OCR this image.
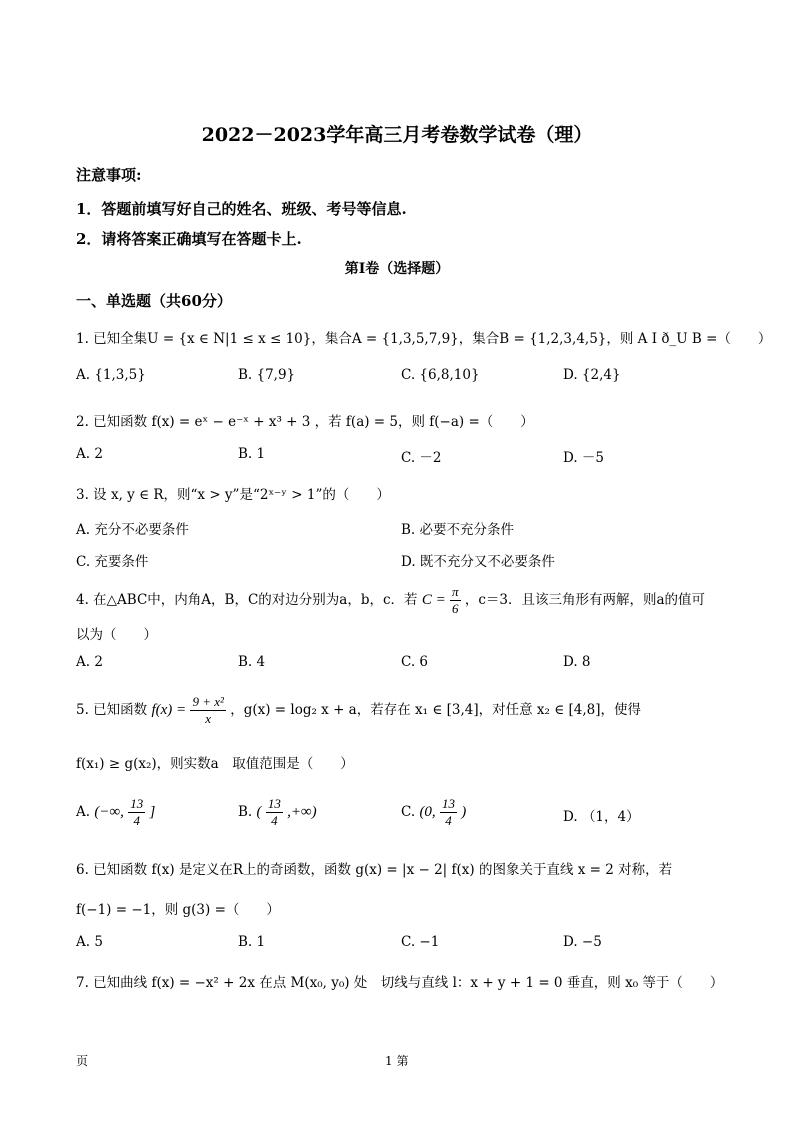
2022－2023学年高三月考卷数学试卷（理）
注意事项:
1．答题前填写好自己的姓名、班级、考号等信息.
2．请将答案正确填写在答题卡上.
第Ⅰ卷（选择题）
一、单选题（共60分）
1. 已知全集U = {x ∈ N|1 ≤ x ≤ 10}，集合A = {1,3,5,7,9}，集合B = {1,2,3,4,5}，则 A I ð_U B =（　　）
A. {1,3,5}	B. {7,9}	C. {6,8,10}	D. {2,4}
2. 已知函数 f(x) = eˣ − e⁻ˣ + x³ + 3 ，若 f(a) = 5，则 f(−a) =（　　）
A. 2	B. 1	C. －2	D. －5
3. 设 x, y ∈ R，则“x > y”是“2ˣ⁻ʸ > 1”的（　　）
A. 充分不必要条件	B. 必要不充分条件
C. 充要条件	D. 既不充分又不必要条件
4. 在△ABC中，内角A，B，C的对边分别为a，b，c．若 $C = \frac{\pi}{6}$ ，c＝3．且该三角形有两解，则a的值可
以为（　　）
A. 2	B. 4	C. 6	D. 8
5. 已知函数 $f(x) = \frac{\text{9 + x²}}{x}$ ，g(x) = log₂ x + a，若存在 x₁ ∈ [3,4]，对任意 x₂ ∈ [4,8]，使得
f(x₁) ≥ g(x₂)，则实数a　取值范围是（　　）
A. (−∞, $\frac{13}{4}$ ]	B. ( $\frac{13}{4}$ ,+∞)	C. (0, $\frac{13}{4}$ )	D. （1，4）
6. 已知函数 f(x) 是定义在R上的奇函数，函数 g(x) = |x − 2| f(x) 的图象关于直线 x = 2 对称，若
f(−1) = −1，则 g(3) =（　　）
A. 5	B. 1	C. −1	D. −5
7. 已知曲线 f(x) = −x² + 2x 在点 M(x₀, y₀) 处　切线与直线 l：x + y + 1 = 0 垂直，则 x₀ 等于（　　）
页	1 第
